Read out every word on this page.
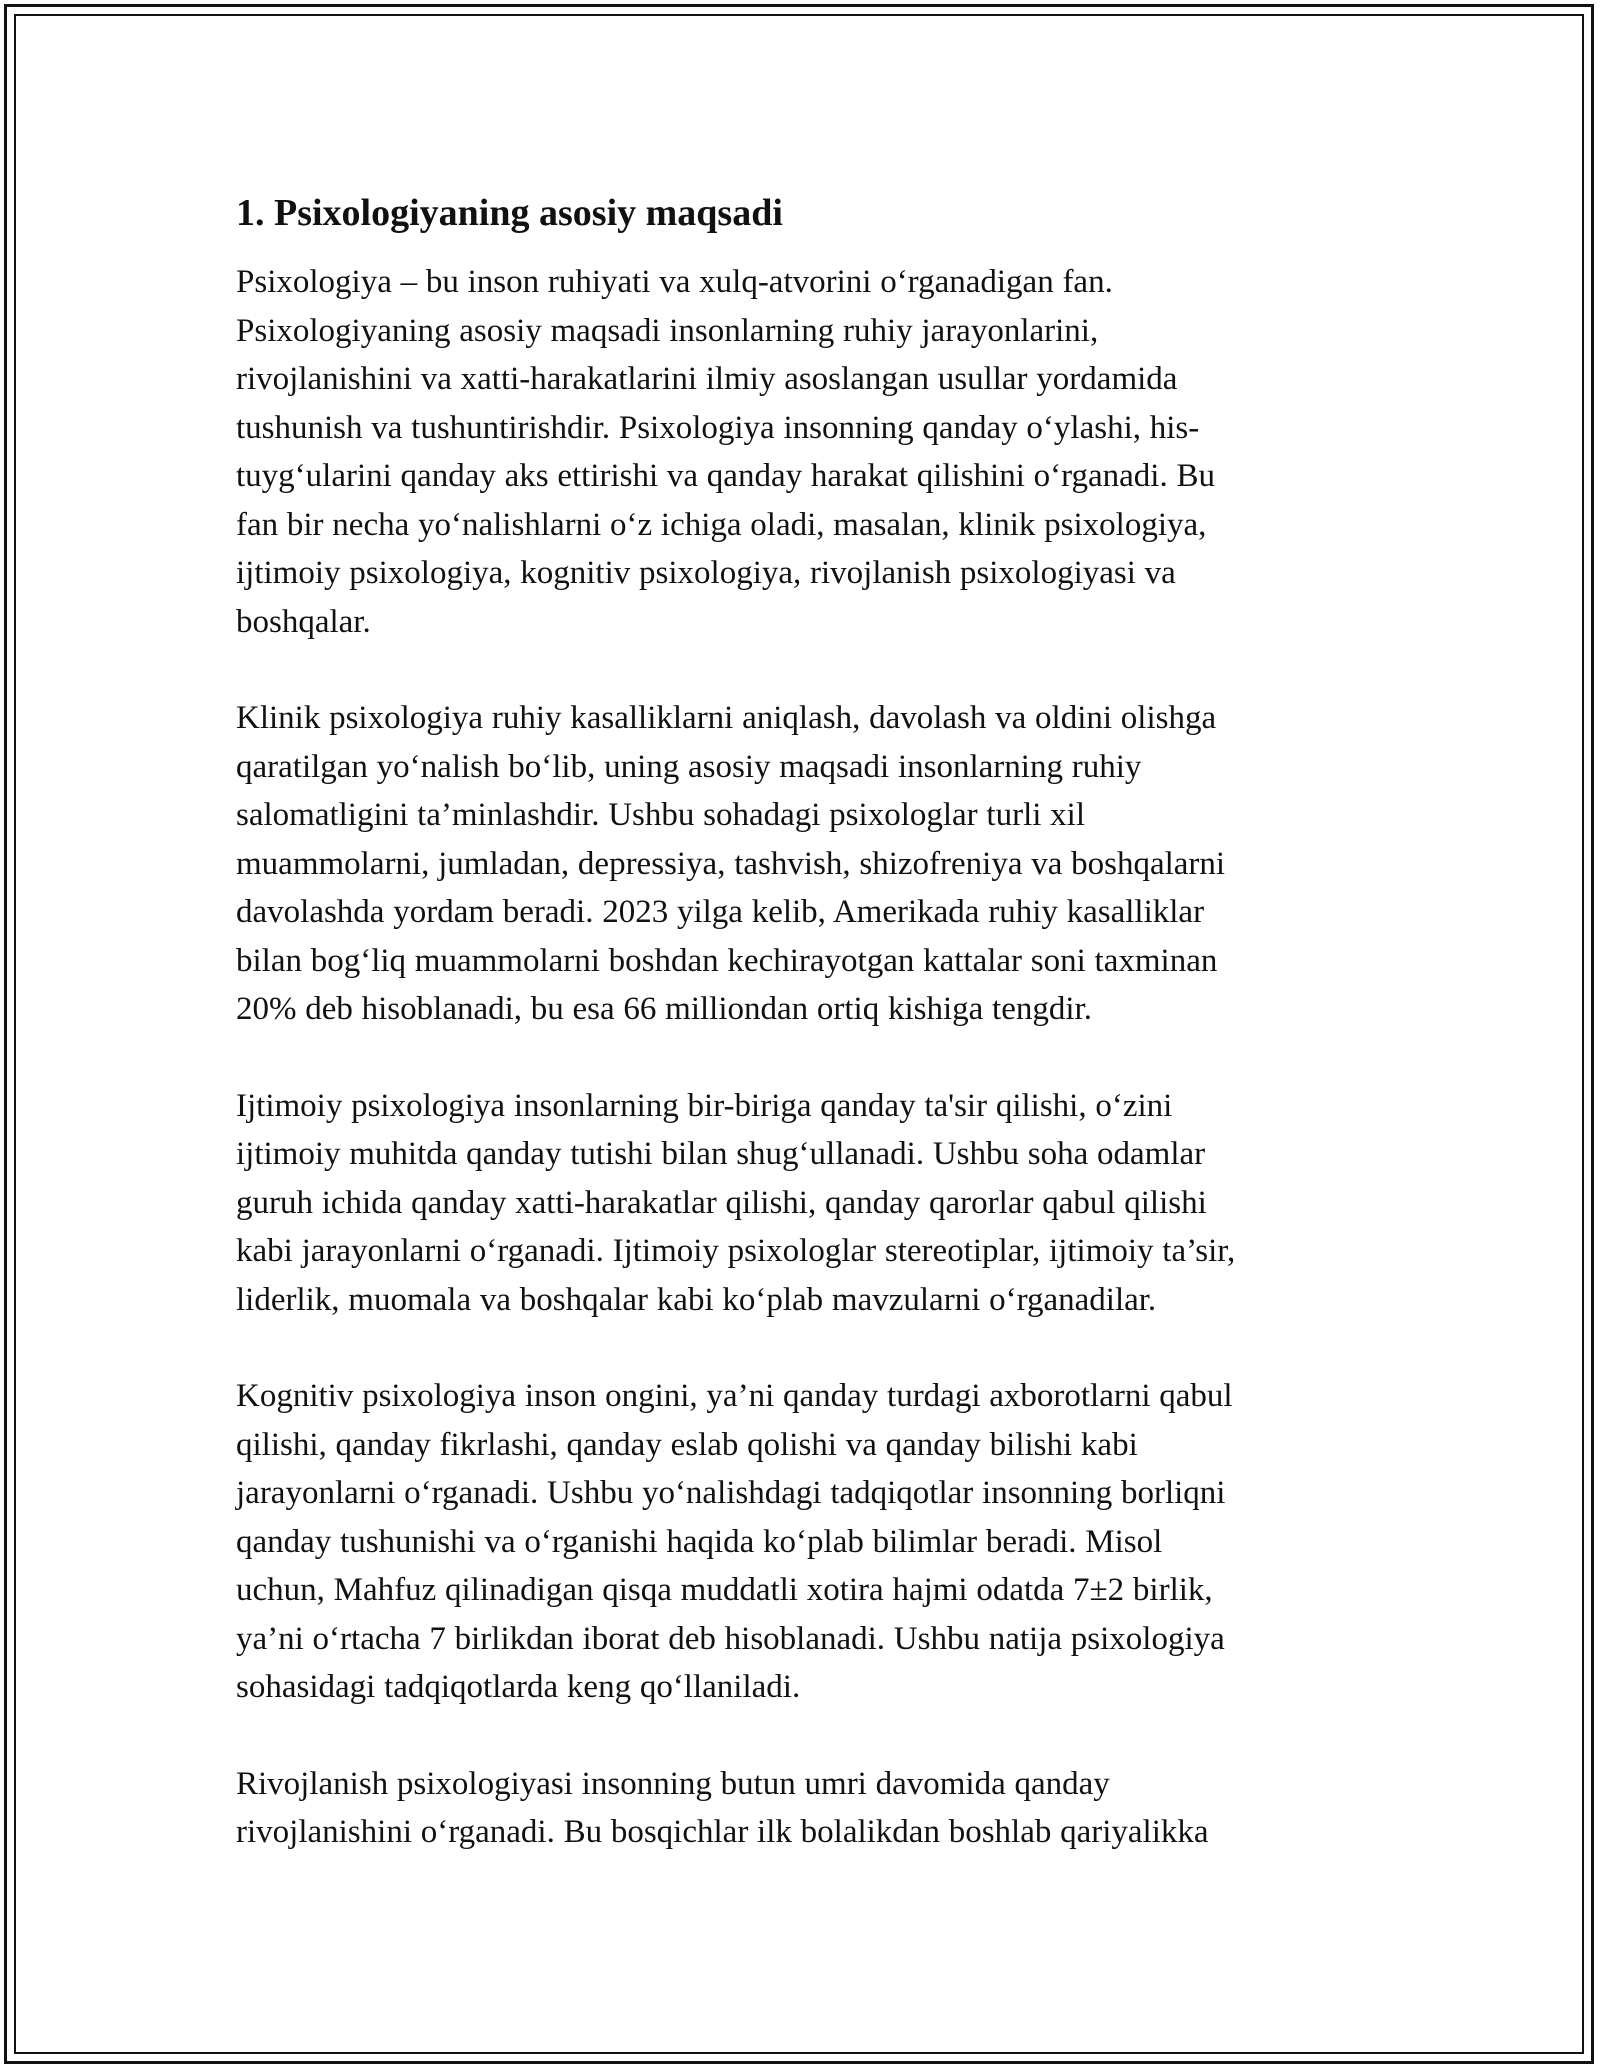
1. Psixologiyaning asosiy maqsadi

Psixologiya – bu inson ruhiyati va xulq-atvorini o‘rganadigan fan.
Psixologiyaning asosiy maqsadi insonlarning ruhiy jarayonlarini,
rivojlanishini va xatti-harakatlarini ilmiy asoslangan usullar yordamida
tushunish va tushuntirishdir. Psixologiya insonning qanday o‘ylashi, his-
tuyg‘ularini qanday aks ettirishi va qanday harakat qilishini o‘rganadi. Bu
fan bir necha yo‘nalishlarni o‘z ichiga oladi, masalan, klinik psixologiya,
ijtimoiy psixologiya, kognitiv psixologiya, rivojlanish psixologiyasi va
boshqalar.

Klinik psixologiya ruhiy kasalliklarni aniqlash, davolash va oldini olishga
qaratilgan yo‘nalish bo‘lib, uning asosiy maqsadi insonlarning ruhiy
salomatligini ta’minlashdir. Ushbu sohadagi psixologlar turli xil
muammolarni, jumladan, depressiya, tashvish, shizofreniya va boshqalarni
davolashda yordam beradi. 2023 yilga kelib, Amerikada ruhiy kasalliklar
bilan bog‘liq muammolarni boshdan kechirayotgan kattalar soni taxminan
20% deb hisoblanadi, bu esa 66 milliondan ortiq kishiga tengdir.

Ijtimoiy psixologiya insonlarning bir-biriga qanday ta'sir qilishi, o‘zini
ijtimoiy muhitda qanday tutishi bilan shug‘ullanadi. Ushbu soha odamlar
guruh ichida qanday xatti-harakatlar qilishi, qanday qarorlar qabul qilishi
kabi jarayonlarni o‘rganadi. Ijtimoiy psixologlar stereotiplar, ijtimoiy ta’sir,
liderlik, muomala va boshqalar kabi ko‘plab mavzularni o‘rganadilar.

Kognitiv psixologiya inson ongini, ya’ni qanday turdagi axborotlarni qabul
qilishi, qanday fikrlashi, qanday eslab qolishi va qanday bilishi kabi
jarayonlarni o‘rganadi. Ushbu yo‘nalishdagi tadqiqotlar insonning borliqni
qanday tushunishi va o‘rganishi haqida ko‘plab bilimlar beradi. Misol
uchun, Mahfuz qilinadigan qisqa muddatli xotira hajmi odatda 7±2 birlik,
ya’ni o‘rtacha 7 birlikdan iborat deb hisoblanadi. Ushbu natija psixologiya
sohasidagi tadqiqotlarda keng qo‘llaniladi.

Rivojlanish psixologiyasi insonning butun umri davomida qanday
rivojlanishini o‘rganadi. Bu bosqichlar ilk bolalikdan boshlab qariyalikka
